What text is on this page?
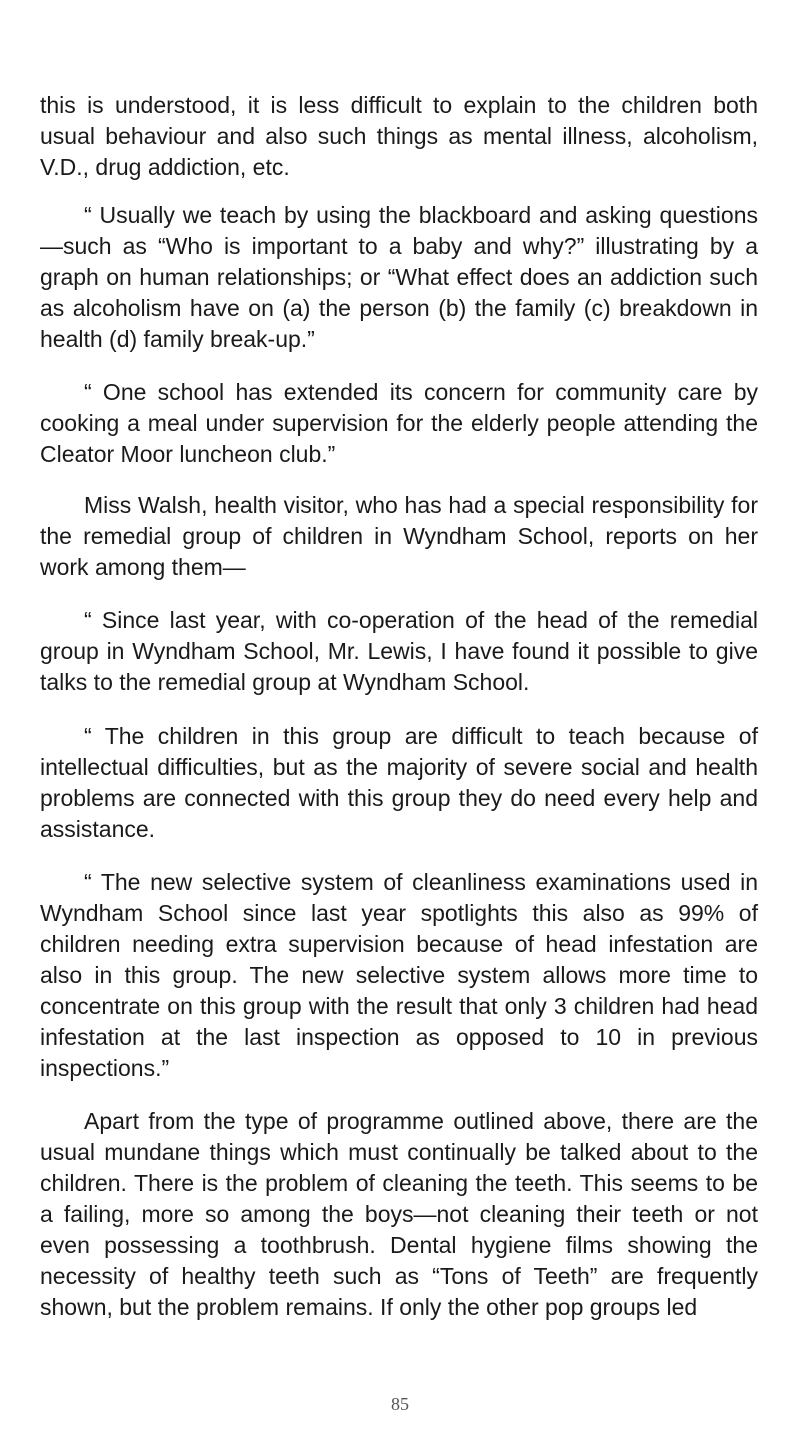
this is understood, it is less difficult to explain to the children both usual behaviour and also such things as mental illness, alcoholism, V.D., drug addiction, etc.

“ Usually we teach by using the blackboard and asking questions—such as “Who is important to a baby and why?” illustrating by a graph on human relationships; or “What effect does an addiction such as alcoholism have on (a) the person (b) the family (c) breakdown in health (d) family break-up.”

“ One school has extended its concern for community care by cooking a meal under supervision for the elderly people attending the Cleator Moor luncheon club.”

Miss Walsh, health visitor, who has had a special responsibility for the remedial group of children in Wyndham School, reports on her work among them—

“ Since last year, with co-operation of the head of the remedial group in Wyndham School, Mr. Lewis, I have found it possible to give talks to the remedial group at Wyndham School.

“ The children in this group are difficult to teach because of intellectual difficulties, but as the majority of severe social and health problems are connected with this group they do need every help and assistance.

“ The new selective system of cleanliness examinations used in Wyndham School since last year spotlights this also as 99% of children needing extra supervision because of head infestation are also in this group. The new selective system allows more time to concentrate on this group with the result that only 3 children had head infestation at the last inspection as opposed to 10 in previous inspections.”

Apart from the type of programme outlined above, there are the usual mundane things which must continually be talked about to the children. There is the problem of cleaning the teeth. This seems to be a failing, more so among the boys—not cleaning their teeth or not even possessing a toothbrush. Dental hygiene films showing the necessity of healthy teeth such as “Tons of Teeth” are frequently shown, but the problem remains. If only the other pop groups led

85
